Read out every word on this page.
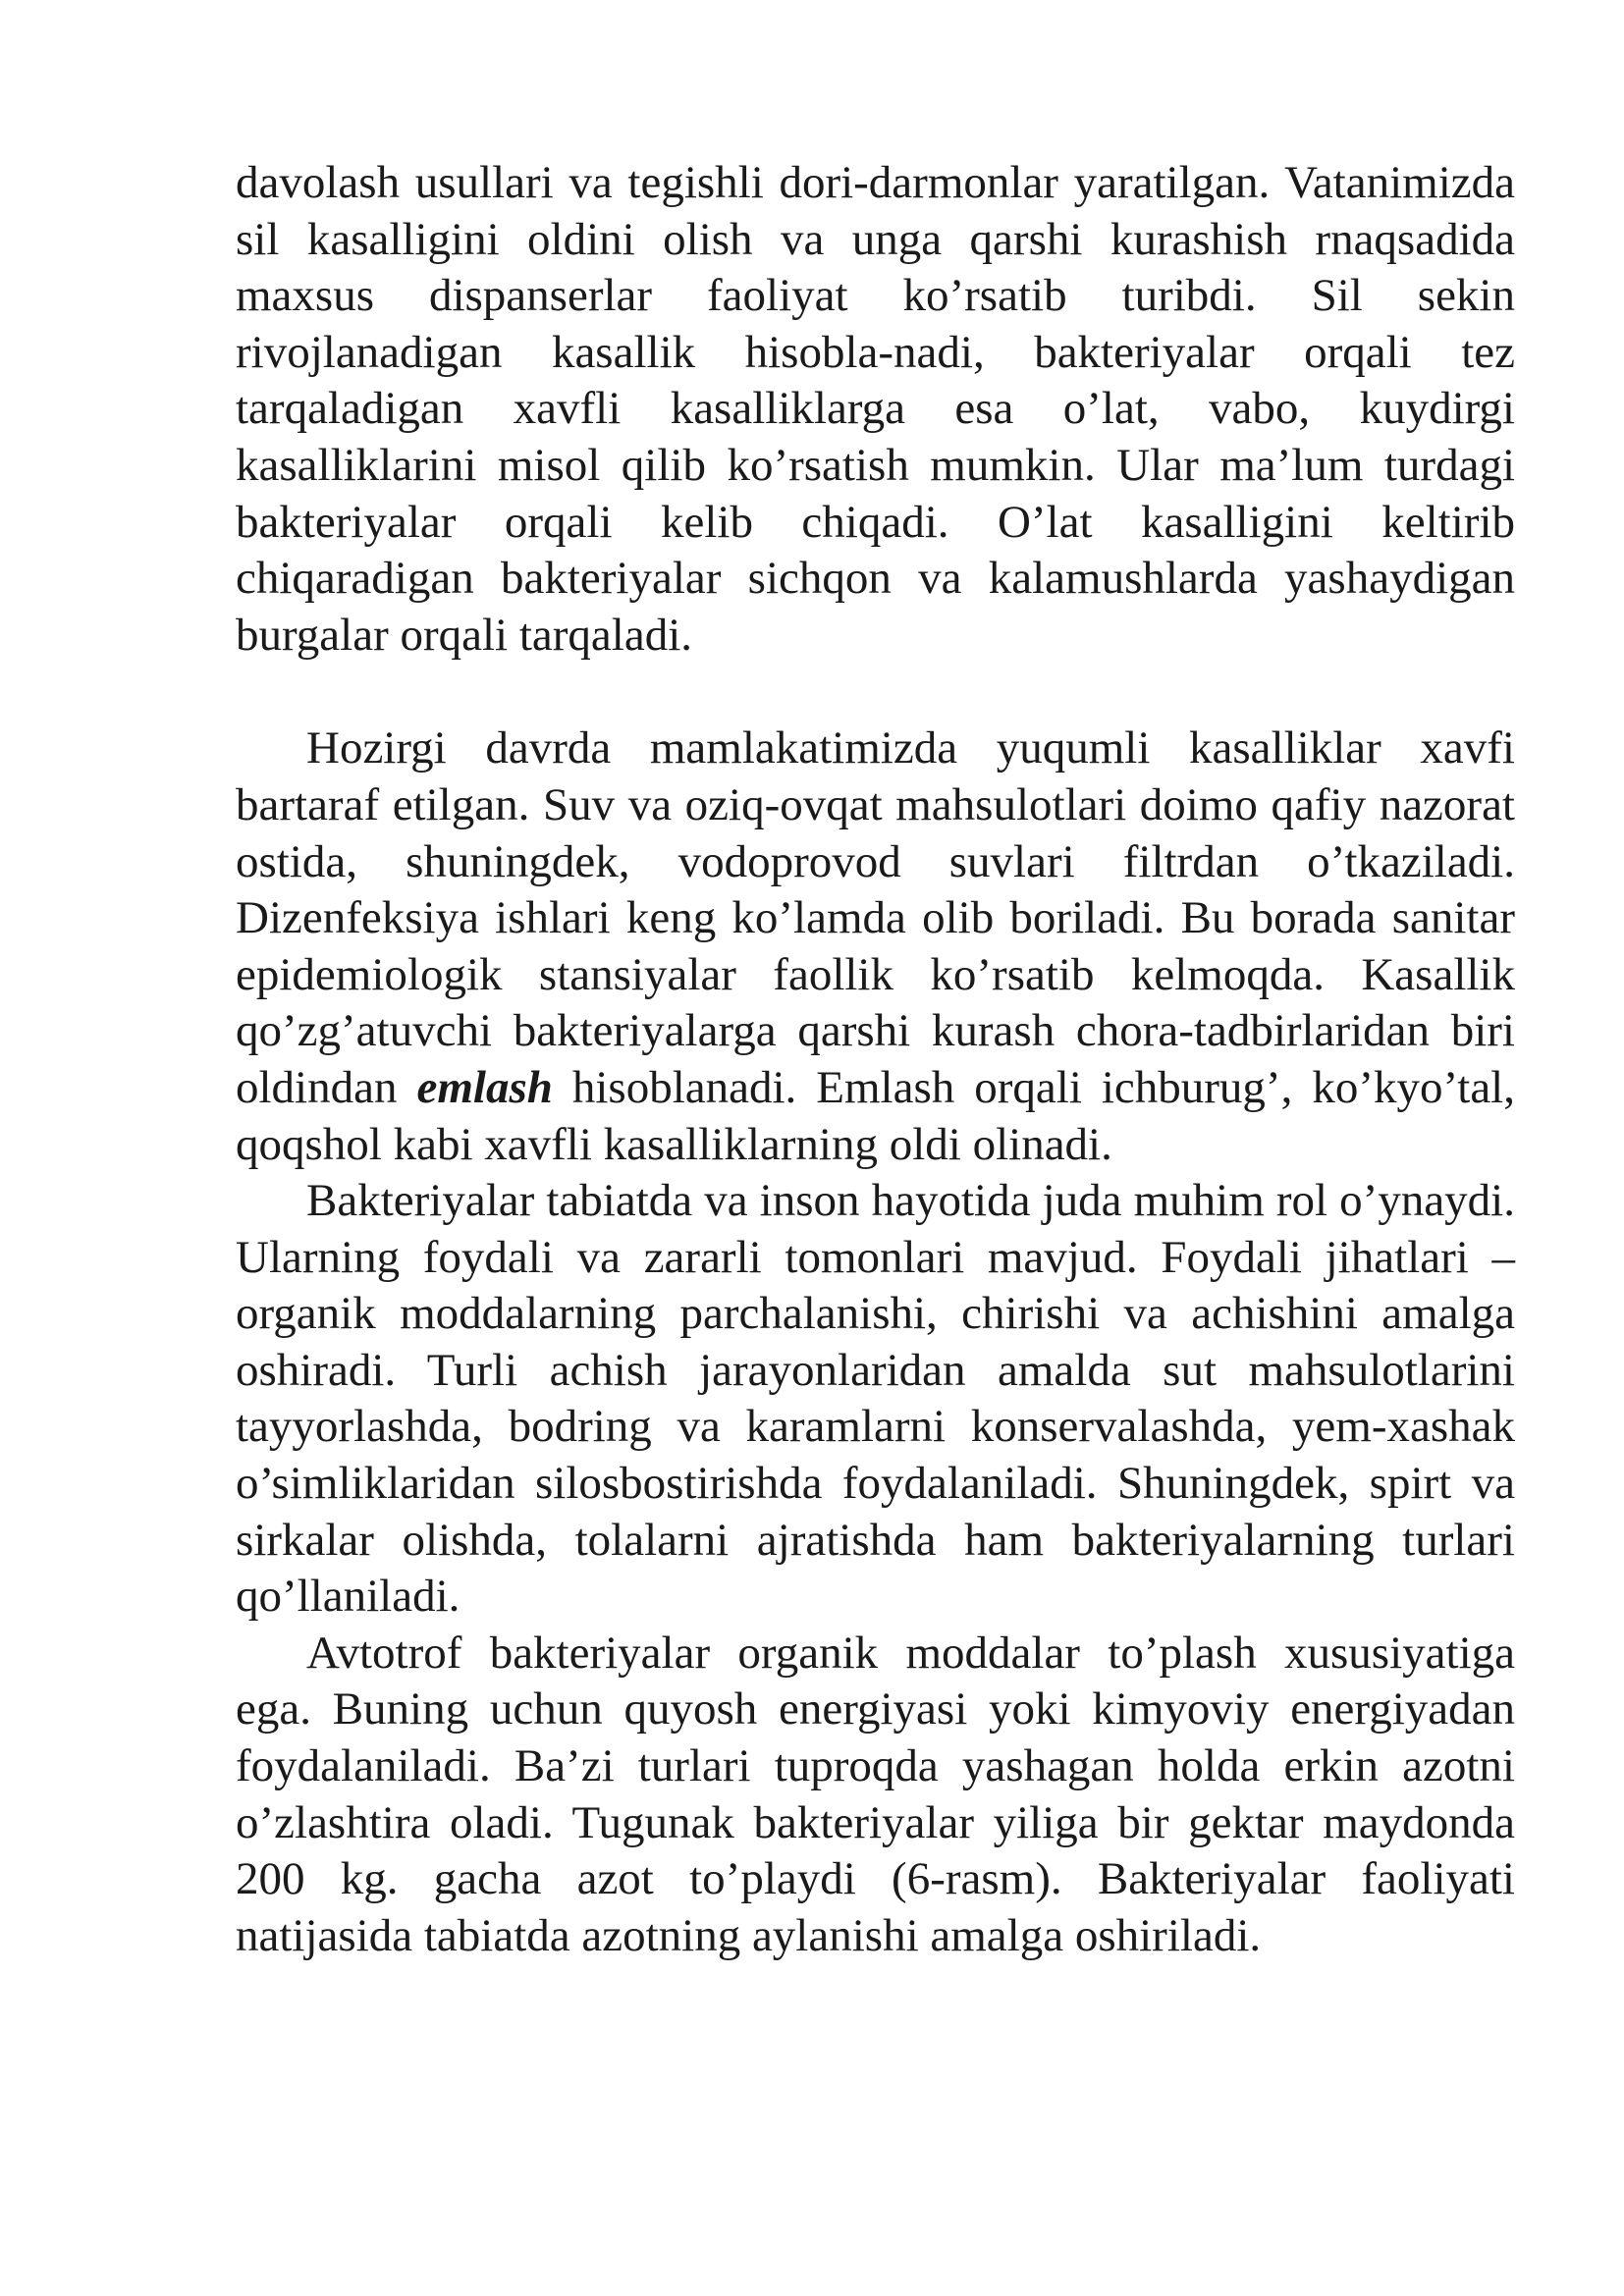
davolash usullari va tegishli dori-darmonlar yaratilgan. Vatanimizda sil kasalligini oldini olish va unga qarshi kurashish rnaqsadida maxsus dispanserlar faoliyat ko’rsatib turibdi. Sil sekin rivojlanadigan kasallik hisobla-nadi, bakteriyalar orqali tez tarqaladigan xavfli kasalliklarga esa o’lat, vabo, kuydirgi kasalliklarini misol qilib ko’rsatish mumkin. Ular ma’lum turdagi bakteriyalar orqali kelib chiqadi. O’lat kasalligini keltirib chiqaradigan bakteriyalar sichqon va kalamushlarda yashaydigan burgalar orqali tarqaladi.

Hozirgi davrda mamlakatimizda yuqumli kasalliklar xavfi bartaraf etilgan. Suv va oziq-ovqat mahsulotlari doimo qafiy nazorat ostida, shuningdek, vodoprovod suvlari filtrdan o’tkaziladi. Dizenfeksiya ishlari keng ko’lamda olib boriladi. Bu borada sanitar epidemiologik stansiyalar faollik ko’rsatib kelmoqda. Kasallik qo’zg’atuvchi bakteriyalarga qarshi kurash chora-tadbirlaridan biri oldindan emlash hisoblanadi. Emlash orqali ichburug’, ko’kyo’tal, qoqshol kabi xavfli kasalliklarning oldi olinadi.

Bakteriyalar tabiatda va inson hayotida juda muhim rol o’ynaydi. Ularning foydali va zararli tomonlari mavjud. Foydali jihatlari – organik moddalarning parchalanishi, chirishi va achishini amalga oshiradi. Turli achish jarayonlaridan amalda sut mahsulotlarini tayyorlashda, bodring va karamlarni konservalashda, yem-xashak o’simliklaridan silosbostirishda foydalaniladi. Shuningdek, spirt va sirkalar olishda, tolalarni ajratishda ham bakteriyalarning turlari qo’llaniladi.

Avtotrof bakteriyalar organik moddalar to’plash xususiyatiga ega. Buning uchun quyosh energiyasi yoki kimyoviy energiyadan foydalaniladi. Ba’zi turlari tuproqda yashagan holda erkin azotni o’zlashtira oladi. Tugunak bakteriyalar yiliga bir gektar maydonda 200 kg. gacha azot to’playdi (6-rasm). Bakteriyalar faoliyati natijasida tabiatda azotning aylanishi amalga oshiriladi.
